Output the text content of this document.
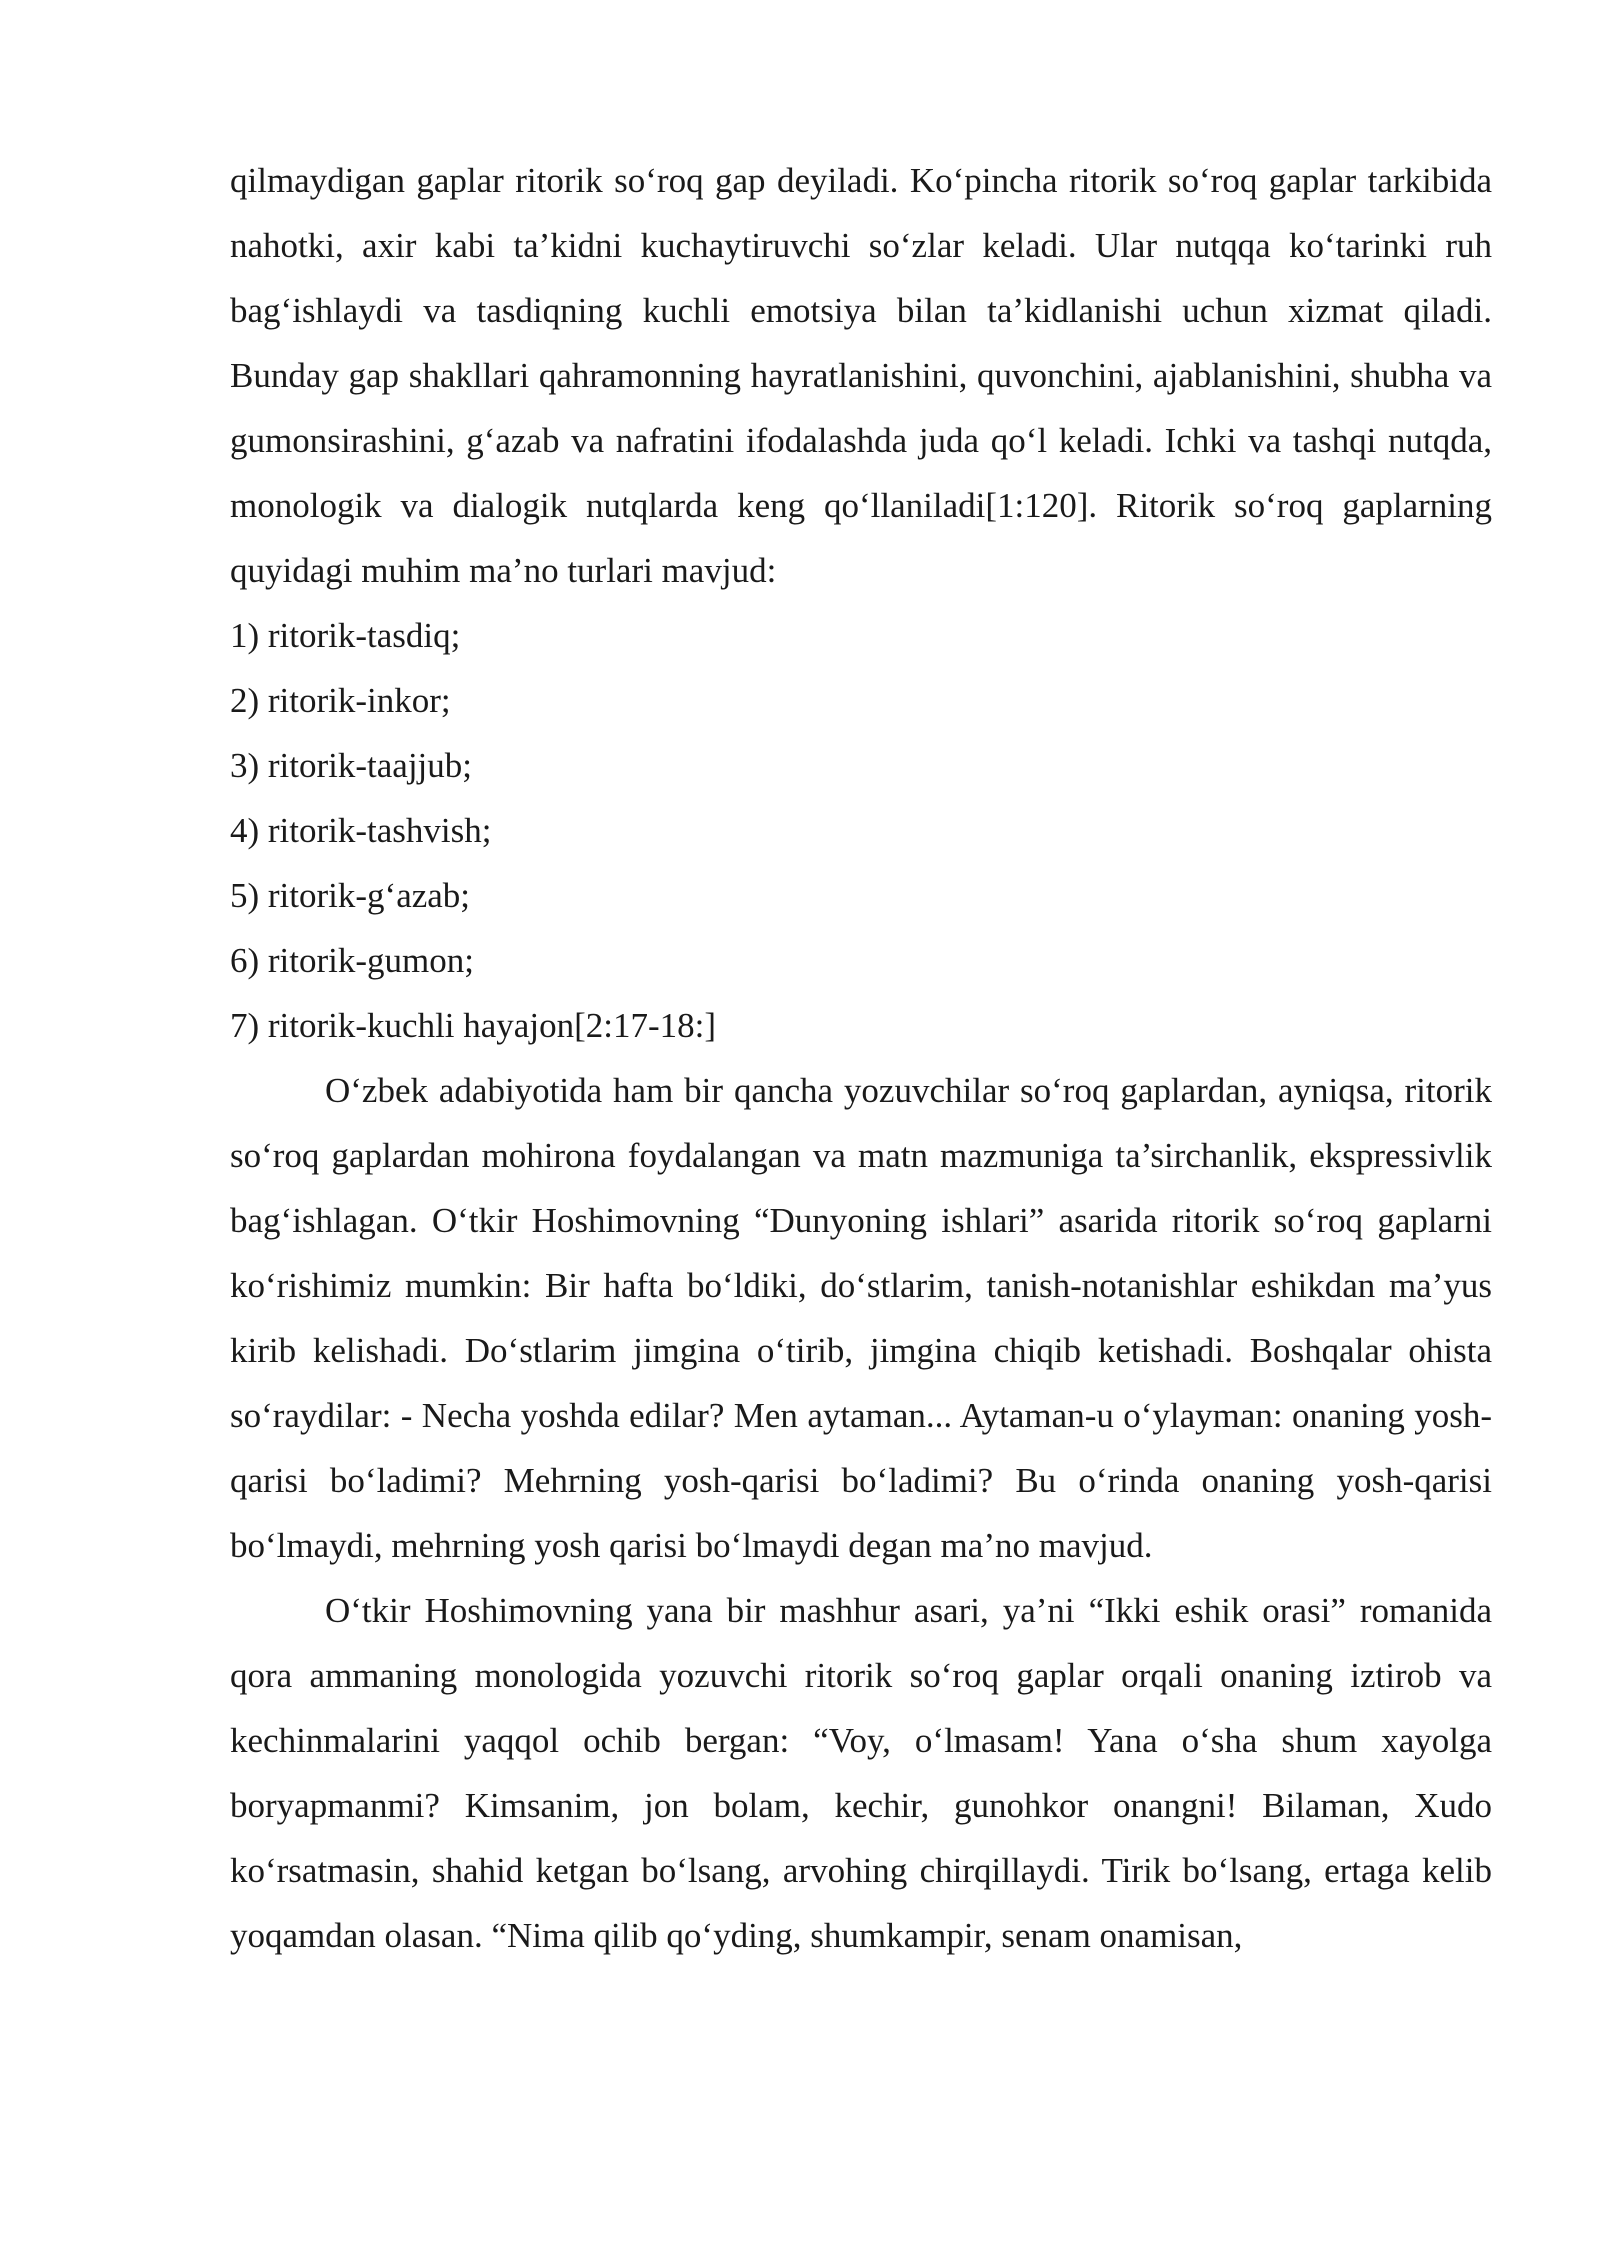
qilmaydigan gaplar ritorik so‘roq gap deyiladi. Ko‘pincha ritorik so‘roq gaplar tarkibida nahotki, axir kabi ta’kidni kuchaytiruvchi so‘zlar keladi. Ular nutqqa ko‘tarinki ruh bag‘ishlaydi va tasdiqning kuchli emotsiya bilan ta’kidlanishi uchun xizmat qiladi. Bunday gap shakllari qahramonning hayratlanishini, quvonchini, ajablanishini, shubha va gumonsirashini, g‘azab va nafratini ifodalashda juda qo‘l keladi. Ichki va tashqi nutqda, monologik va dialogik nutqlarda keng qo‘llaniladi[1:120]. Ritorik so‘roq gaplarning quyidagi muhim ma’no turlari mavjud:

1) ritorik-tasdiq;

2) ritorik-inkor;

3) ritorik-taajjub;

4) ritorik-tashvish;

5) ritorik-g‘azab;

6) ritorik-gumon;

7) ritorik-kuchli hayajon[2:17-18:]

O‘zbek adabiyotida ham bir qancha yozuvchilar so‘roq gaplardan, ayniqsa, ritorik so‘roq gaplardan mohirona foydalangan va matn mazmuniga ta’sirchanlik, ekspressivlik bag‘ishlagan. O‘tkir Hoshimovning “Dunyoning ishlari” asarida ritorik so‘roq gaplarni ko‘rishimiz mumkin: Bir hafta bo‘ldiki, do‘stlarim, tanish-notanishlar eshikdan ma’yus kirib kelishadi. Do‘stlarim jimgina o‘tirib, jimgina chiqib ketishadi. Boshqalar ohista so‘raydilar: - Necha yoshda edilar? Men aytaman... Aytaman-u o‘ylayman: onaning yosh-qarisi bo‘ladimi? Mehrning yosh-qarisi bo‘ladimi? Bu o‘rinda onaning yosh-qarisi bo‘lmaydi, mehrning yosh qarisi bo‘lmaydi degan ma’no mavjud.

O‘tkir Hoshimovning yana bir mashhur asari, ya’ni “Ikki eshik orasi” romanida qora ammaning monologida yozuvchi ritorik so‘roq gaplar orqali onaning iztirob va kechinmalarini yaqqol ochib bergan: “Voy, o‘lmasam! Yana o‘sha shum xayolga boryapmanmi? Kimsanim, jon bolam, kechir, gunohkor onangni! Bilaman, Xudo ko‘rsatmasin, shahid ketgan bo‘lsang, arvohing chirqillaydi. Tirik bo‘lsang, ertaga kelib yoqamdan olasan. “Nima qilib qo‘yding, shumkampir, senam onamisan,
